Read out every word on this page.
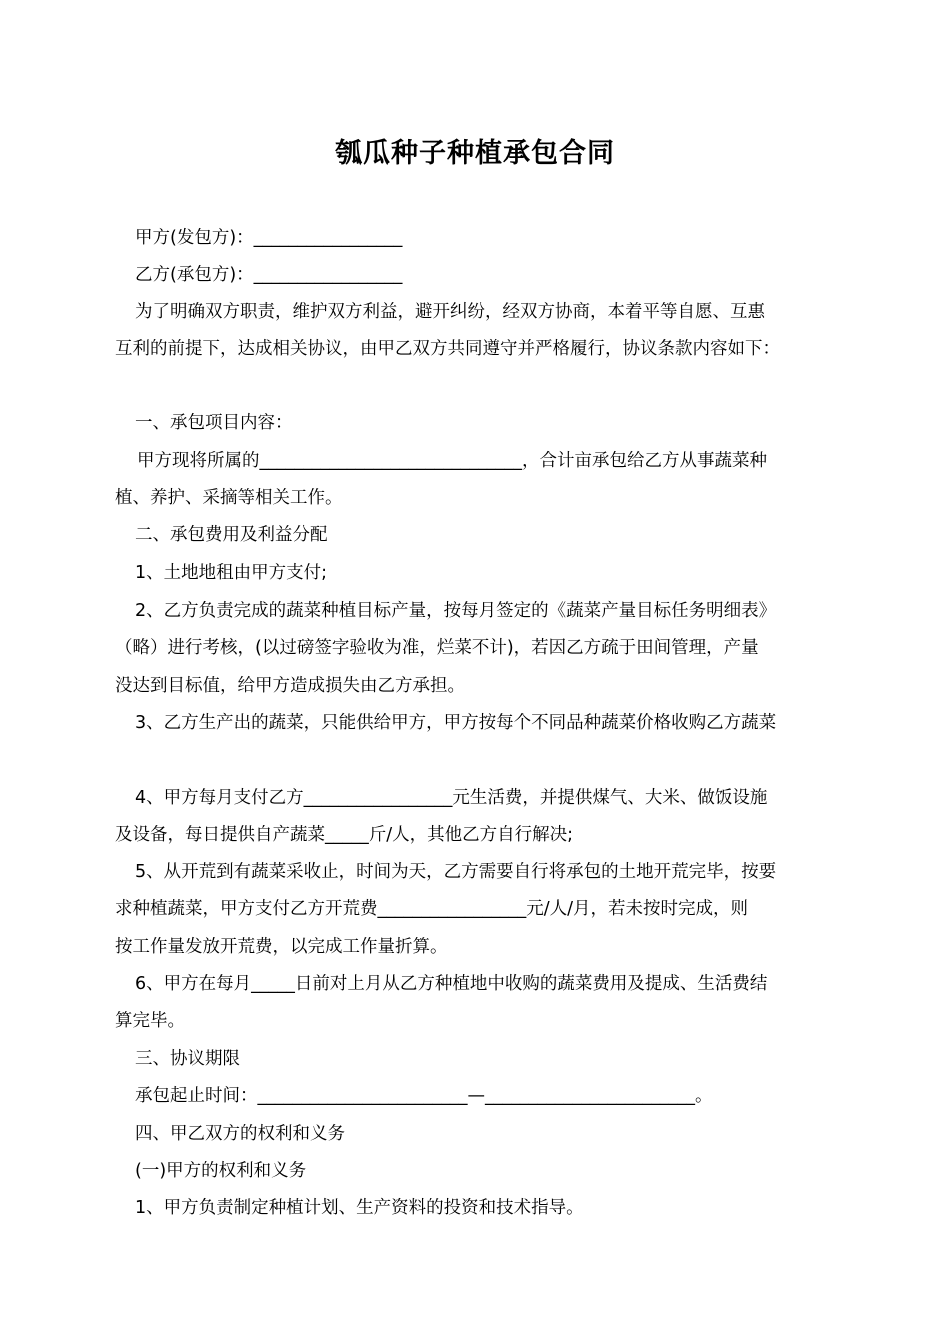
瓠瓜种子种植承包合同
甲方(发包方)：_________________
乙方(承包方)：_________________
为了明确双方职责，维护双方利益，避开纠纷，经双方协商，本着平等自愿、互惠
互利的前提下，达成相关协议，由甲乙双方共同遵守并严格履行，协议条款内容如下：
一、承包项目内容：
甲方现将所属的______________________________，合计亩承包给乙方从事蔬菜种
植、养护、采摘等相关工作。
二、承包费用及利益分配
1、土地地租由甲方支付;
2、乙方负责完成的蔬菜种植目标产量，按每月签定的《蔬菜产量目标任务明细表》
（略）进行考核，(以过磅签字验收为准，烂菜不计)，若因乙方疏于田间管理，产量
没达到目标值，给甲方造成损失由乙方承担。
3、乙方生产出的蔬菜，只能供给甲方，甲方按每个不同品种蔬菜价格收购乙方蔬菜
4、甲方每月支付乙方_________________元生活费，并提供煤气、大米、做饭设施
及设备，每日提供自产蔬菜_____斤/人，其他乙方自行解决;
5、从开荒到有蔬菜采收止，时间为天，乙方需要自行将承包的土地开荒完毕，按要
求种植蔬菜，甲方支付乙方开荒费_________________元/人/月，若未按时完成，则
按工作量发放开荒费，以完成工作量折算。
6、甲方在每月_____日前对上月从乙方种植地中收购的蔬菜费用及提成、生活费结
算完毕。
三、协议期限
承包起止时间：________________________—________________________。
四、甲乙双方的权利和义务
(一)甲方的权利和义务
1、甲方负责制定种植计划、生产资料的投资和技术指导。
